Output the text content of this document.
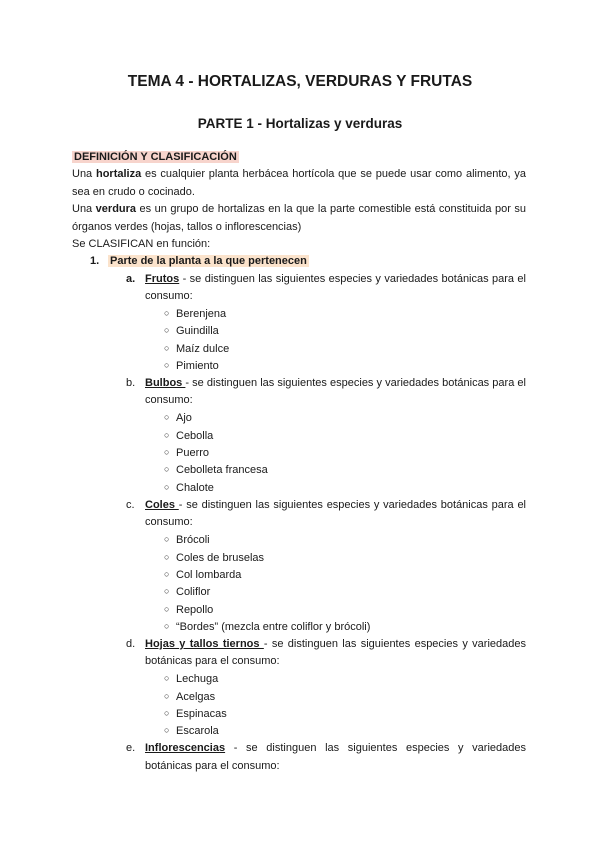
TEMA 4 - HORTALIZAS, VERDURAS Y FRUTAS
PARTE 1 - Hortalizas y verduras
DEFINICIÓN Y CLASIFICACIÓN
Una hortaliza es cualquier planta herbácea hortícola que se puede usar como alimento, ya
sea en crudo o cocinado.
Una verdura es un grupo de hortalizas en la que la parte comestible está constituida por su
órganos verdes (hojas, tallos o inflorescencias)
Se CLASIFICAN en función:
1. Parte de la planta a la que pertenecen
a. Frutos - se distinguen las siguientes especies y variedades botánicas para el
consumo:
○ Berenjena
○ Guindilla
○ Maíz dulce
○ Pimiento
b. Bulbos - se distinguen las siguientes especies y variedades botánicas para el
consumo:
○ Ajo
○ Cebolla
○ Puerro
○ Cebolleta francesa
○ Chalote
c. Coles - se distinguen las siguientes especies y variedades botánicas para el
consumo:
○ Brócoli
○ Coles de bruselas
○ Col lombarda
○ Coliflor
○ Repollo
○ “Bordes” (mezcla entre coliflor y brócoli)
d. Hojas y tallos tiernos - se distinguen las siguientes especies y variedades
botánicas para el consumo:
○ Lechuga
○ Acelgas
○ Espinacas
○ Escarola
e. Inflorescencias - se distinguen las siguientes especies y variedades
botánicas para el consumo:
